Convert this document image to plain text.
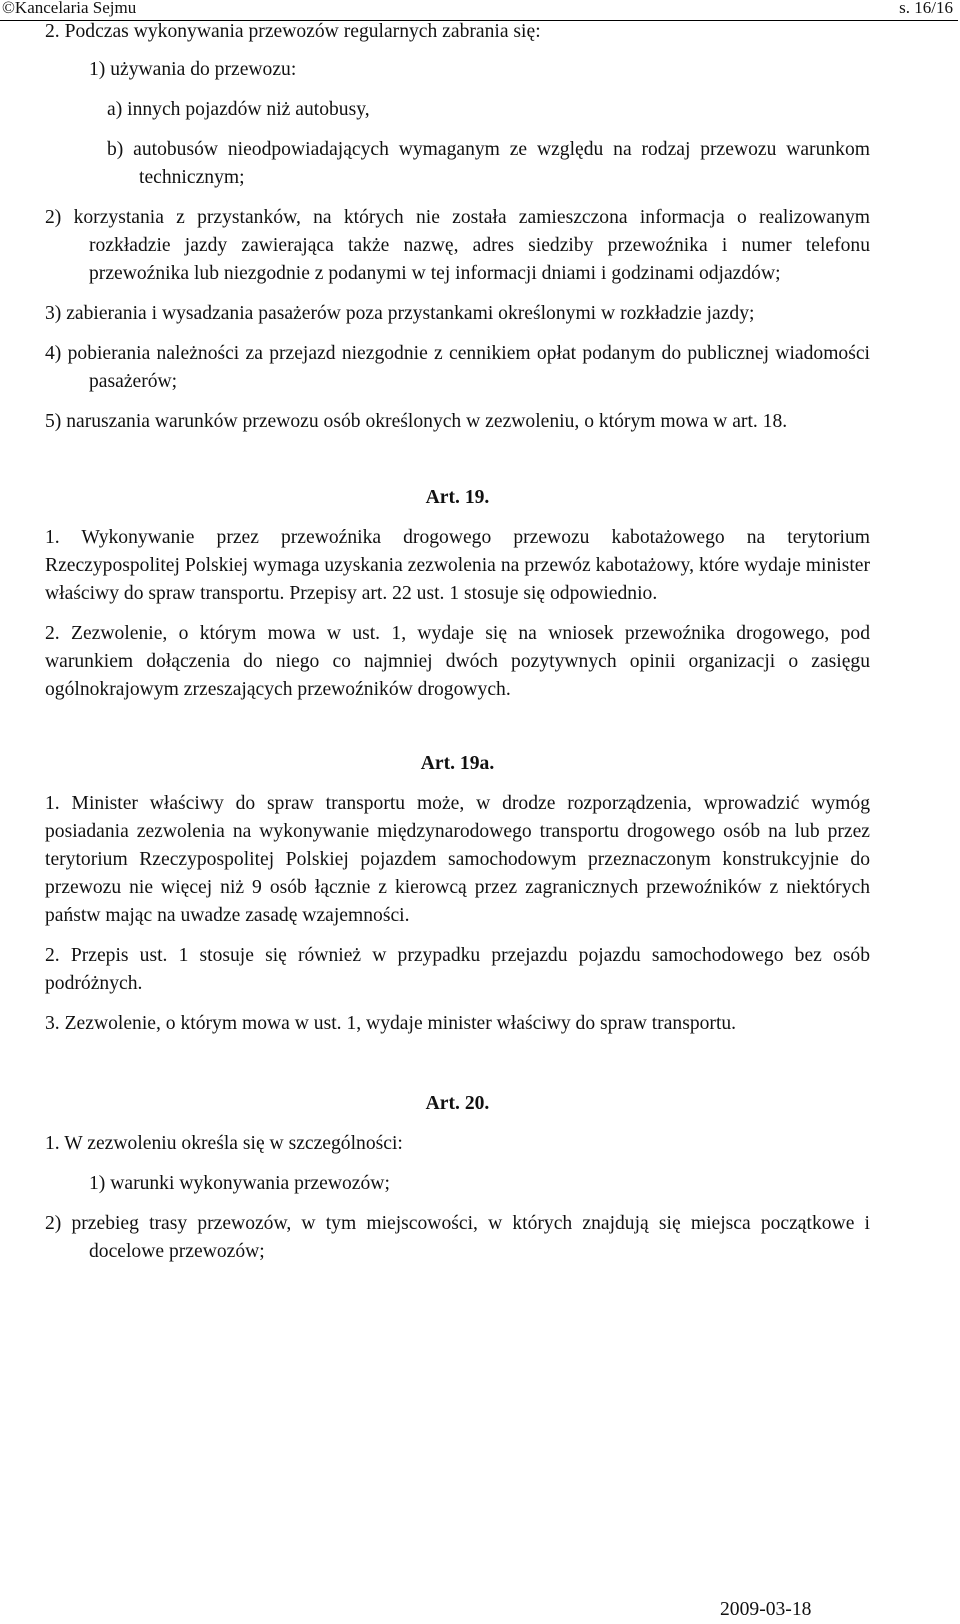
©Kancelaria Sejmu	s. 16/16

2. Podczas wykonywania przewozów regularnych zabrania się:

1) używania do przewozu:

a) innych pojazdów niż autobusy,

b) autobusów nieodpowiadających wymaganym ze względu na rodzaj przewozu warunkom technicznym;

2) korzystania z przystanków, na których nie została zamieszczona informacja o realizowanym rozkładzie jazdy zawierająca także nazwę, adres siedziby przewoźnika i numer telefonu przewoźnika lub niezgodnie z podanymi w tej informacji dniami i godzinami odjazdów;

3) zabierania i wysadzania pasażerów poza przystankami określonymi w rozkładzie jazdy;

4) pobierania należności za przejazd niezgodnie z cennikiem opłat podanym do publicznej wiadomości pasażerów;

5) naruszania warunków przewozu osób określonych w zezwoleniu, o którym mowa w art. 18.

Art. 19.

1. Wykonywanie przez przewoźnika drogowego przewozu kabotażowego na terytorium Rzeczypospolitej Polskiej wymaga uzyskania zezwolenia na przewóz kabotażowy, które wydaje minister właściwy do spraw transportu. Przepisy art. 22 ust. 1 stosuje się odpowiednio.

2. Zezwolenie, o którym mowa w ust. 1, wydaje się na wniosek przewoźnika drogowego, pod warunkiem dołączenia do niego co najmniej dwóch pozytywnych opinii organizacji o zasięgu ogólnokrajowym zrzeszających przewoźników drogowych.

Art. 19a.

1. Minister właściwy do spraw transportu może, w drodze rozporządzenia, wprowadzić wymóg posiadania zezwolenia na wykonywanie międzynarodowego transportu drogowego osób na lub przez terytorium Rzeczypospolitej Polskiej pojazdem samochodowym przeznaczonym konstrukcyjnie do przewozu nie więcej niż 9 osób łącznie z kierowcą przez zagranicznych przewoźników z niektórych państw mając na uwadze zasadę wzajemności.

2. Przepis ust. 1 stosuje się również w przypadku przejazdu pojazdu samochodowego bez osób podróżnych.

3. Zezwolenie, o którym mowa w ust. 1, wydaje minister właściwy do spraw transportu.

Art. 20.

1. W zezwoleniu określa się w szczególności:

1) warunki wykonywania przewozów;

2) przebieg trasy przewozów, w tym miejscowości, w których znajdują się miejsca początkowe i docelowe przewozów;

2009-03-18
